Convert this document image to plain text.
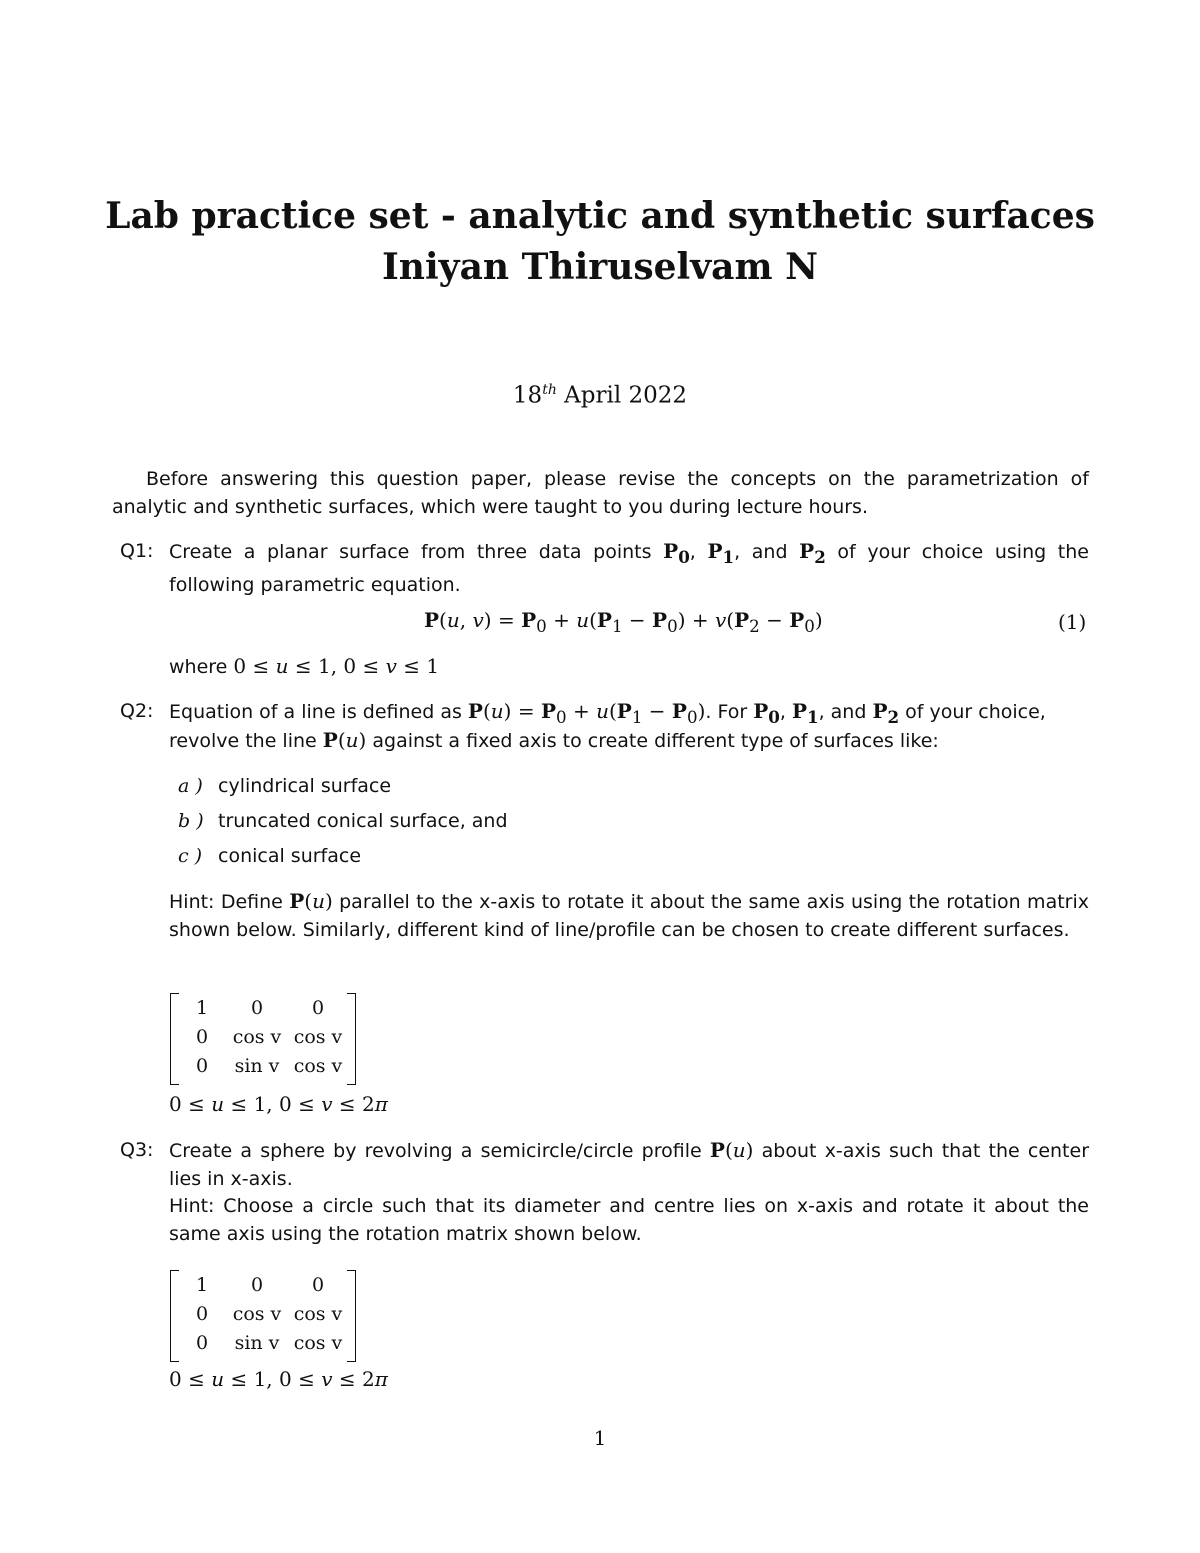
Lab practice set - analytic and synthetic surfaces
Iniyan Thiruselvam N
18th April 2022
Before answering this question paper, please revise the concepts on the parametrization of analytic and synthetic surfaces, which were taught to you during lecture hours.
Q1: Create a planar surface from three data points $P_0$, $P_1$, and $P_2$ of your choice using the following parametric equation.
P(u, $v) = P_0 + u(P_1 - P_0) + v(P_2 - P_0)$	(1)
where 0 ≤ u ≤ 1, 0 ≤ v ≤ 1
Q2: Equation of a line is defined as $P(u) = P_0 + u(P_1 - P_0)$. For $P_0$, $P_1$, and $P_2$ of your choice,
revolve the line P(u) against a fixed axis to create different type of surfaces like:
a ) cylindrical surface
b ) truncated conical surface, and
c ) conical surface
Hint: Define P(u) parallel to the x-axis to rotate it about the same axis using the rotation matrix shown below. Similarly, different kind of line/profile can be chosen to create different surfaces.
1	0	0
0	cos v	cos v
0	sin v	cos v
0 ≤ u ≤ 1, 0 ≤ v ≤ 2π
Q3: Create a sphere by revolving a semicircle/circle profile P(u) about x-axis such that the center lies in x-axis.
Hint: Choose a circle such that its diameter and centre lies on x-axis and rotate it about the same axis using the rotation matrix shown below.
1	0	0
0	cos v	cos v
0	sin v	cos v
0 ≤ u ≤ 1, 0 ≤ v ≤ 2π
1
